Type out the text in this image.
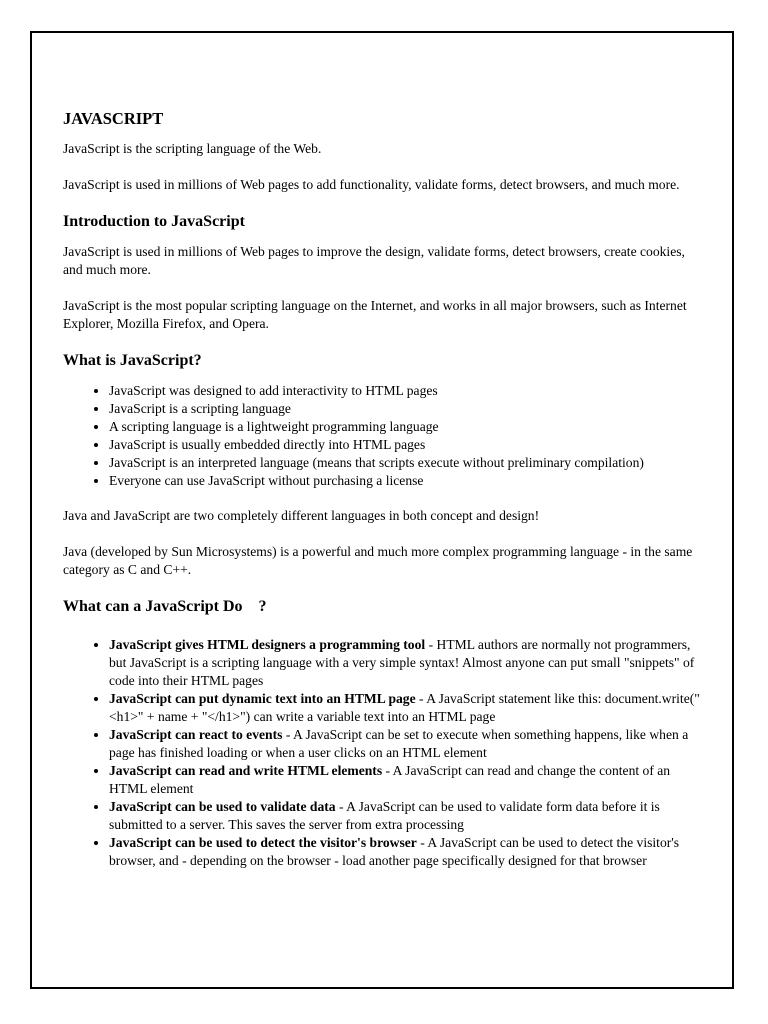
JAVASCRIPT

JavaScript is the scripting language of the Web.

JavaScript is used in millions of Web pages to add functionality, validate forms, detect browsers, and much more.

Introduction to JavaScript

JavaScript is used in millions of Web pages to improve the design, validate forms, detect browsers, create cookies, and much more.

JavaScript is the most popular scripting language on the Internet, and works in all major browsers, such as Internet Explorer, Mozilla Firefox, and Opera.

What is JavaScript?
• JavaScript was designed to add interactivity to HTML pages
• JavaScript is a scripting language
• A scripting language is a lightweight programming language
• JavaScript is usually embedded directly into HTML pages
• JavaScript is an interpreted language (means that scripts execute without preliminary compilation)
• Everyone can use JavaScript without purchasing a license

Java and JavaScript are two completely different languages in both concept and design!

Java (developed by Sun Microsystems) is a powerful and much more complex programming language - in the same category as C and C++.

What can a JavaScript Do  ?
• JavaScript gives HTML designers a programming tool - HTML authors are normally not programmers, but JavaScript is a scripting language with a very simple syntax! Almost anyone can put small "snippets" of code into their HTML pages
• JavaScript can put dynamic text into an HTML page - A JavaScript statement like this: document.write("<h1>" + name + "</h1>") can write a variable text into an HTML page
• JavaScript can react to events - A JavaScript can be set to execute when something happens, like when a page has finished loading or when a user clicks on an HTML element
• JavaScript can read and write HTML elements - A JavaScript can read and change the content of an HTML element
• JavaScript can be used to validate data - A JavaScript can be used to validate form data before it is submitted to a server. This saves the server from extra processing
• JavaScript can be used to detect the visitor's browser - A JavaScript can be used to detect the visitor's browser, and - depending on the browser - load another page specifically designed for that browser
